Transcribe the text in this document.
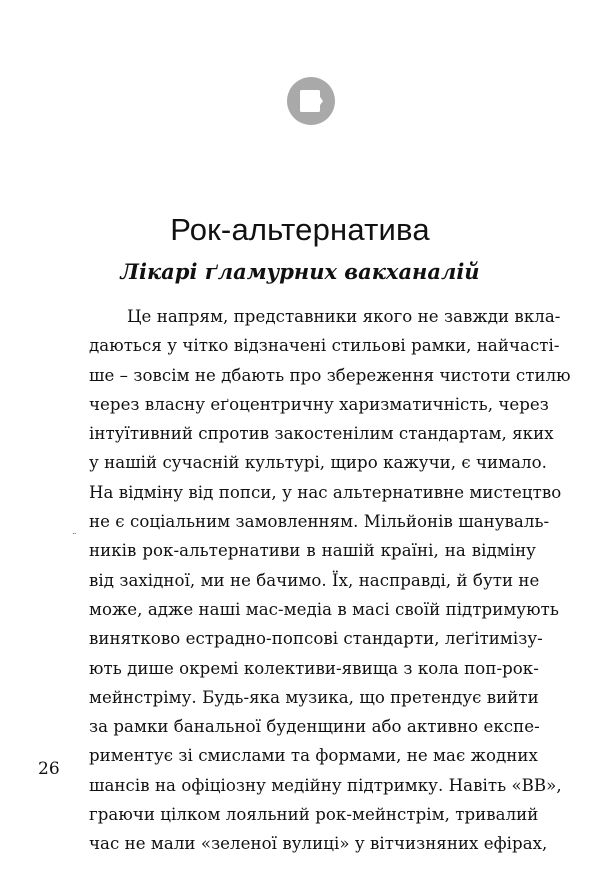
Рок-альтернатива
Лікарі ґламурних вакханалій
Це напрям, представники якого не завжди вкла-
даються у чітко відзначені стильові рамки, найчасті-
ше – зовсім не дбають про збереження чистоти стилю
через власну еґоцентричну харизматичність, через
інтуїтивний спротив закостенілим стандартам, яких
у нашій сучасній культурі, щиро кажучи, є чимало.
На відміну від попси, у нас альтернативне мистецтво
не є соціальним замовленням. Мільйонів шануваль-
ників рок-альтернативи в нашій країні, на відміну
від західної, ми не бачимо. Їх, насправді, й бути не
може, адже наші мас-медіа в масі своїй підтримують
винятково естрадно-попсові стандарти, леґітимізу-
ють дише окремі колективи-явища з кола поп-рок-
мейнстріму. Будь-яка музика, що претендує вийти
за рамки банальної буденщини або активно експе-
риментує зі смислами та формами, не має жодних
шансів на офіціозну медійну підтримку. Навіть «ВВ»,
граючи цілком лояльний рок-мейнстрім, тривалий
час не мали «зеленої вулиці» у вітчизняних ефірах,
¨
26
